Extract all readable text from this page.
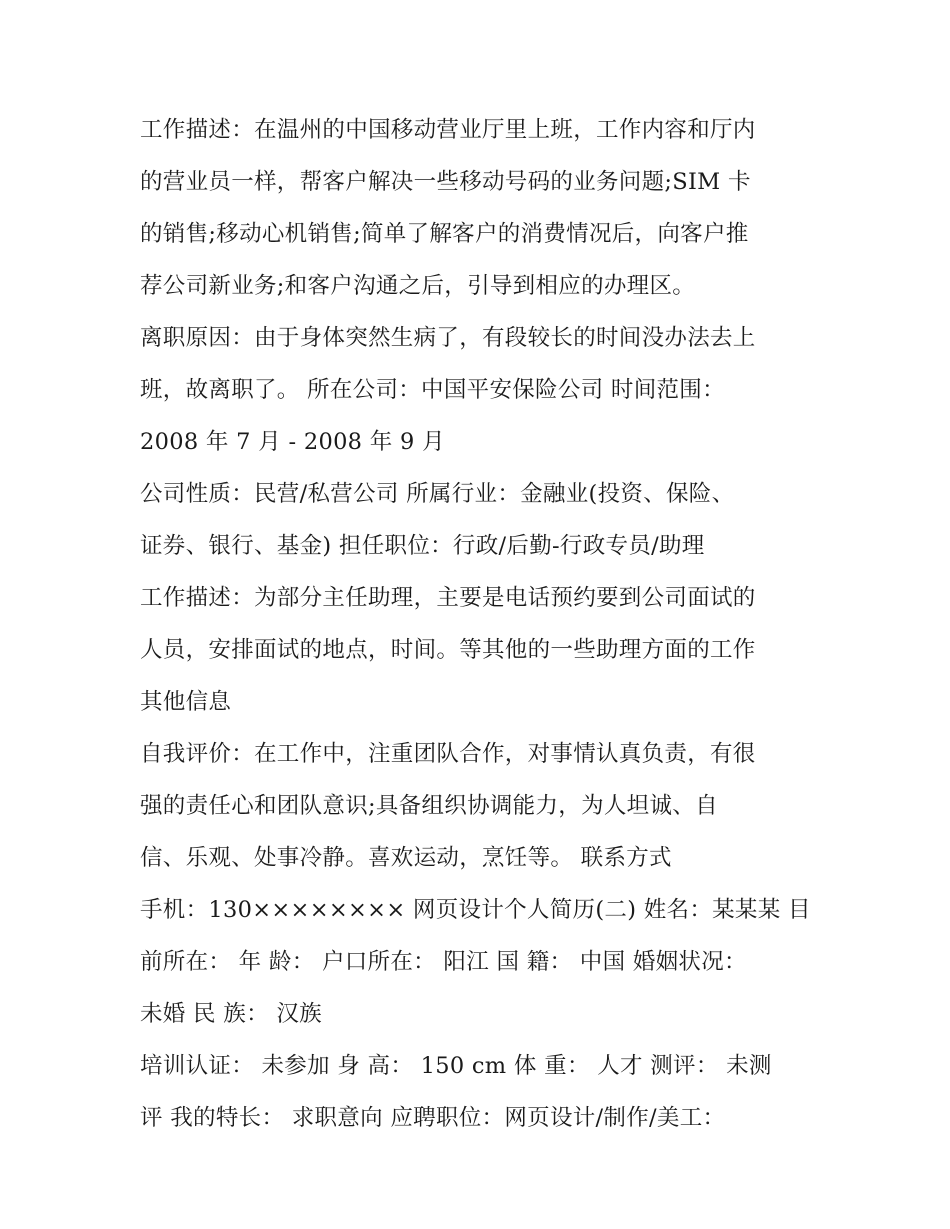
工作描述：在温州的中国移动营业厅里上班，工作内容和厅内
的营业员一样，帮客户解决一些移动号码的业务问题;SIM 卡
的销售;移动心机销售;简单了解客户的消费情况后，向客户推
荐公司新业务;和客户沟通之后，引导到相应的办理区。
离职原因：由于身体突然生病了，有段较长的时间没办法去上
班，故离职了。 所在公司：中国平安保险公司 时间范围：
2008 年 7 月 - 2008 年 9 月
公司性质：民营/私营公司 所属行业：金融业(投资、保险、
证券、银行、基金) 担任职位：行政/后勤-行政专员/助理
工作描述：为部分主任助理，主要是电话预约要到公司面试的
人员，安排面试的地点，时间。等其他的一些助理方面的工作
其他信息
自我评价：在工作中，注重团队合作，对事情认真负责，有很
强的责任心和团队意识;具备组织协调能力，为人坦诚、自
信、乐观、处事冷静。喜欢运动，烹饪等。 联系方式
手机：130×××××××× 网页设计个人简历(二) 姓名：某某某 目
前所在： 年 龄： 户口所在： 阳江 国 籍： 中国 婚姻状况：
未婚 民 族： 汉族
培训认证： 未参加 身 高： 150 cm 体 重： 人才 测评： 未测
评 我的特长： 求职意向 应聘职位：网页设计/制作/美工：
